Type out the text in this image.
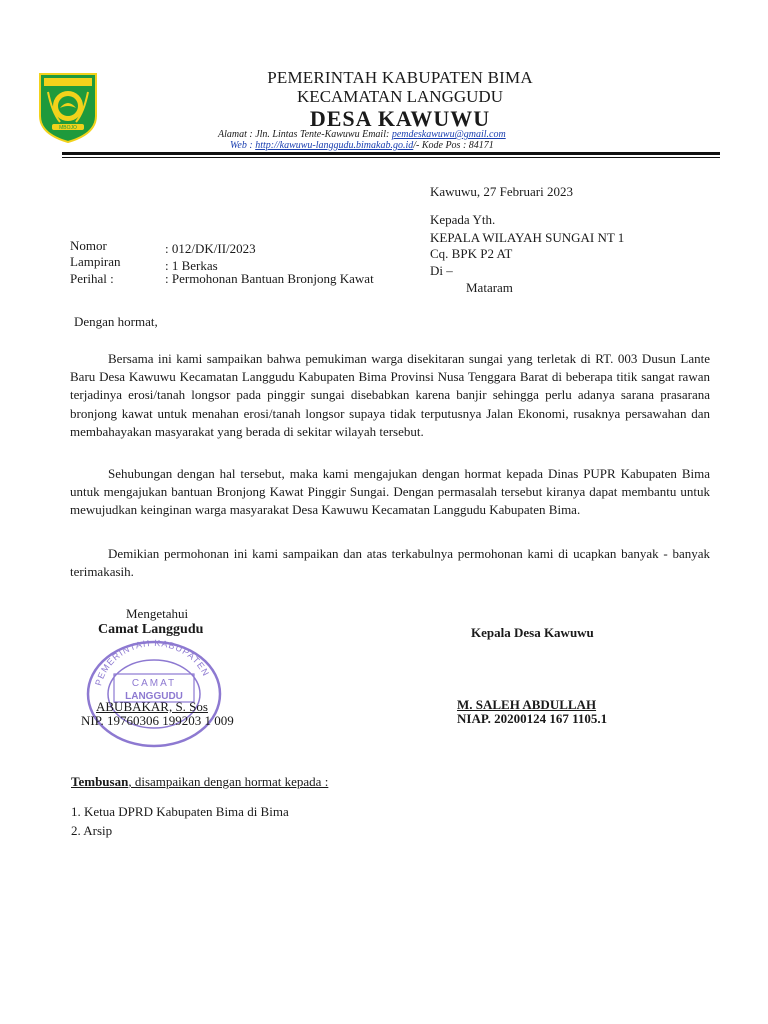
MBOJO
PEMERINTAH KABUPATEN BIMA
KECAMATAN LANGGUDU
DESA KAWUWU
Alamat : Jln. Lintas Tente-Kawuwu Email: pemdeskawuwu@gmail.com
Web : http://kawuwu-langgudu.bimakab.go.id/- Kode Pos : 84171
Kawuwu, 27 Februari 2023
Kepada Yth.
KEPALA WILAYAH SUNGAI NT 1
Cq. BPK P2 AT
Di –
Mataram
Nomor	: 012/DK/II/2023
Lampiran	: 1 Berkas
Perihal :	: Permohonan Bantuan Bronjong Kawat
Dengan hormat,
Bersama ini kami sampaikan bahwa pemukiman warga disekitaran sungai yang terletak di RT. 003 Dusun Lante Baru Desa Kawuwu Kecamatan Langgudu Kabupaten Bima Provinsi Nusa Tenggara Barat di beberapa titik sangat rawan terjadinya erosi/tanah longsor pada pinggir sungai disebabkan karena banjir sehingga perlu adanya sarana prasarana bronjong kawat untuk menahan erosi/tanah longsor supaya tidak terputusnya Jalan Ekonomi, rusaknya persawahan dan membahayakan masyarakat yang berada di sekitar wilayah tersebut.
Sehubungan dengan hal tersebut, maka kami mengajukan dengan hormat kepada Dinas PUPR Kabupaten Bima untuk mengajukan bantuan Bronjong Kawat Pinggir Sungai. Dengan permasalah tersebut kiranya dapat membantu untuk mewujudkan keinginan warga masyarakat Desa Kawuwu Kecamatan Langgudu Kabupaten Bima.
Demikian permohonan ini kami sampaikan dan atas terkabulnya permohonan kami di ucapkan banyak - banyak terimakasih.
PEMERINTAH KABUPATEN
CAMAT
LANGGUDU
Mengetahui
Camat Langgudu
ABUBAKAR, S. Sos
NIP. 19760306 199203 1 009
Kepala Desa Kawuwu
M. SALEH ABDULLAH
NIAP. 20200124 167 1105.1
Tembusan, disampaikan dengan hormat kepada :
1. Ketua DPRD Kabupaten Bima di Bima
2. Arsip
